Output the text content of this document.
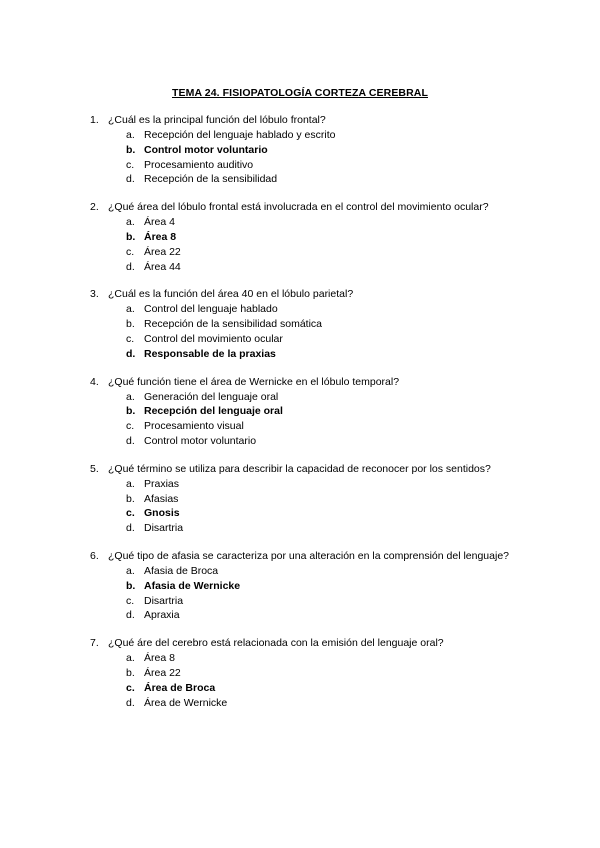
TEMA 24. FISIOPATOLOGÍA CORTEZA CEREBRAL
1. ¿Cuál es la principal función del lóbulo frontal?
a. Recepción del lenguaje hablado y escrito
b. Control motor voluntario
c. Procesamiento auditivo
d. Recepción de la sensibilidad
2. ¿Qué área del lóbulo frontal está involucrada en el control del movimiento ocular?
a. Área 4
b. Área 8
c. Área 22
d. Área 44
3. ¿Cuál es la función del área 40 en el lóbulo parietal?
a. Control del lenguaje hablado
b. Recepción de la sensibilidad somática
c. Control del movimiento ocular
d. Responsable de la praxias
4. ¿Qué función tiene el área de Wernicke en el lóbulo temporal?
a. Generación del lenguaje oral
b. Recepción del lenguaje oral
c. Procesamiento visual
d. Control motor voluntario
5. ¿Qué término se utiliza para describir la capacidad de reconocer por los sentidos?
a. Praxias
b. Afasias
c. Gnosis
d. Disartria
6. ¿Qué tipo de afasia se caracteriza por una alteración en la comprensión del lenguaje?
a. Afasia de Broca
b. Afasia de Wernicke
c. Disartria
d. Apraxia
7. ¿Qué áre del cerebro está relacionada con la emisión del lenguaje oral?
a. Área 8
b. Área 22
c. Área de Broca
d. Área de Wernicke
